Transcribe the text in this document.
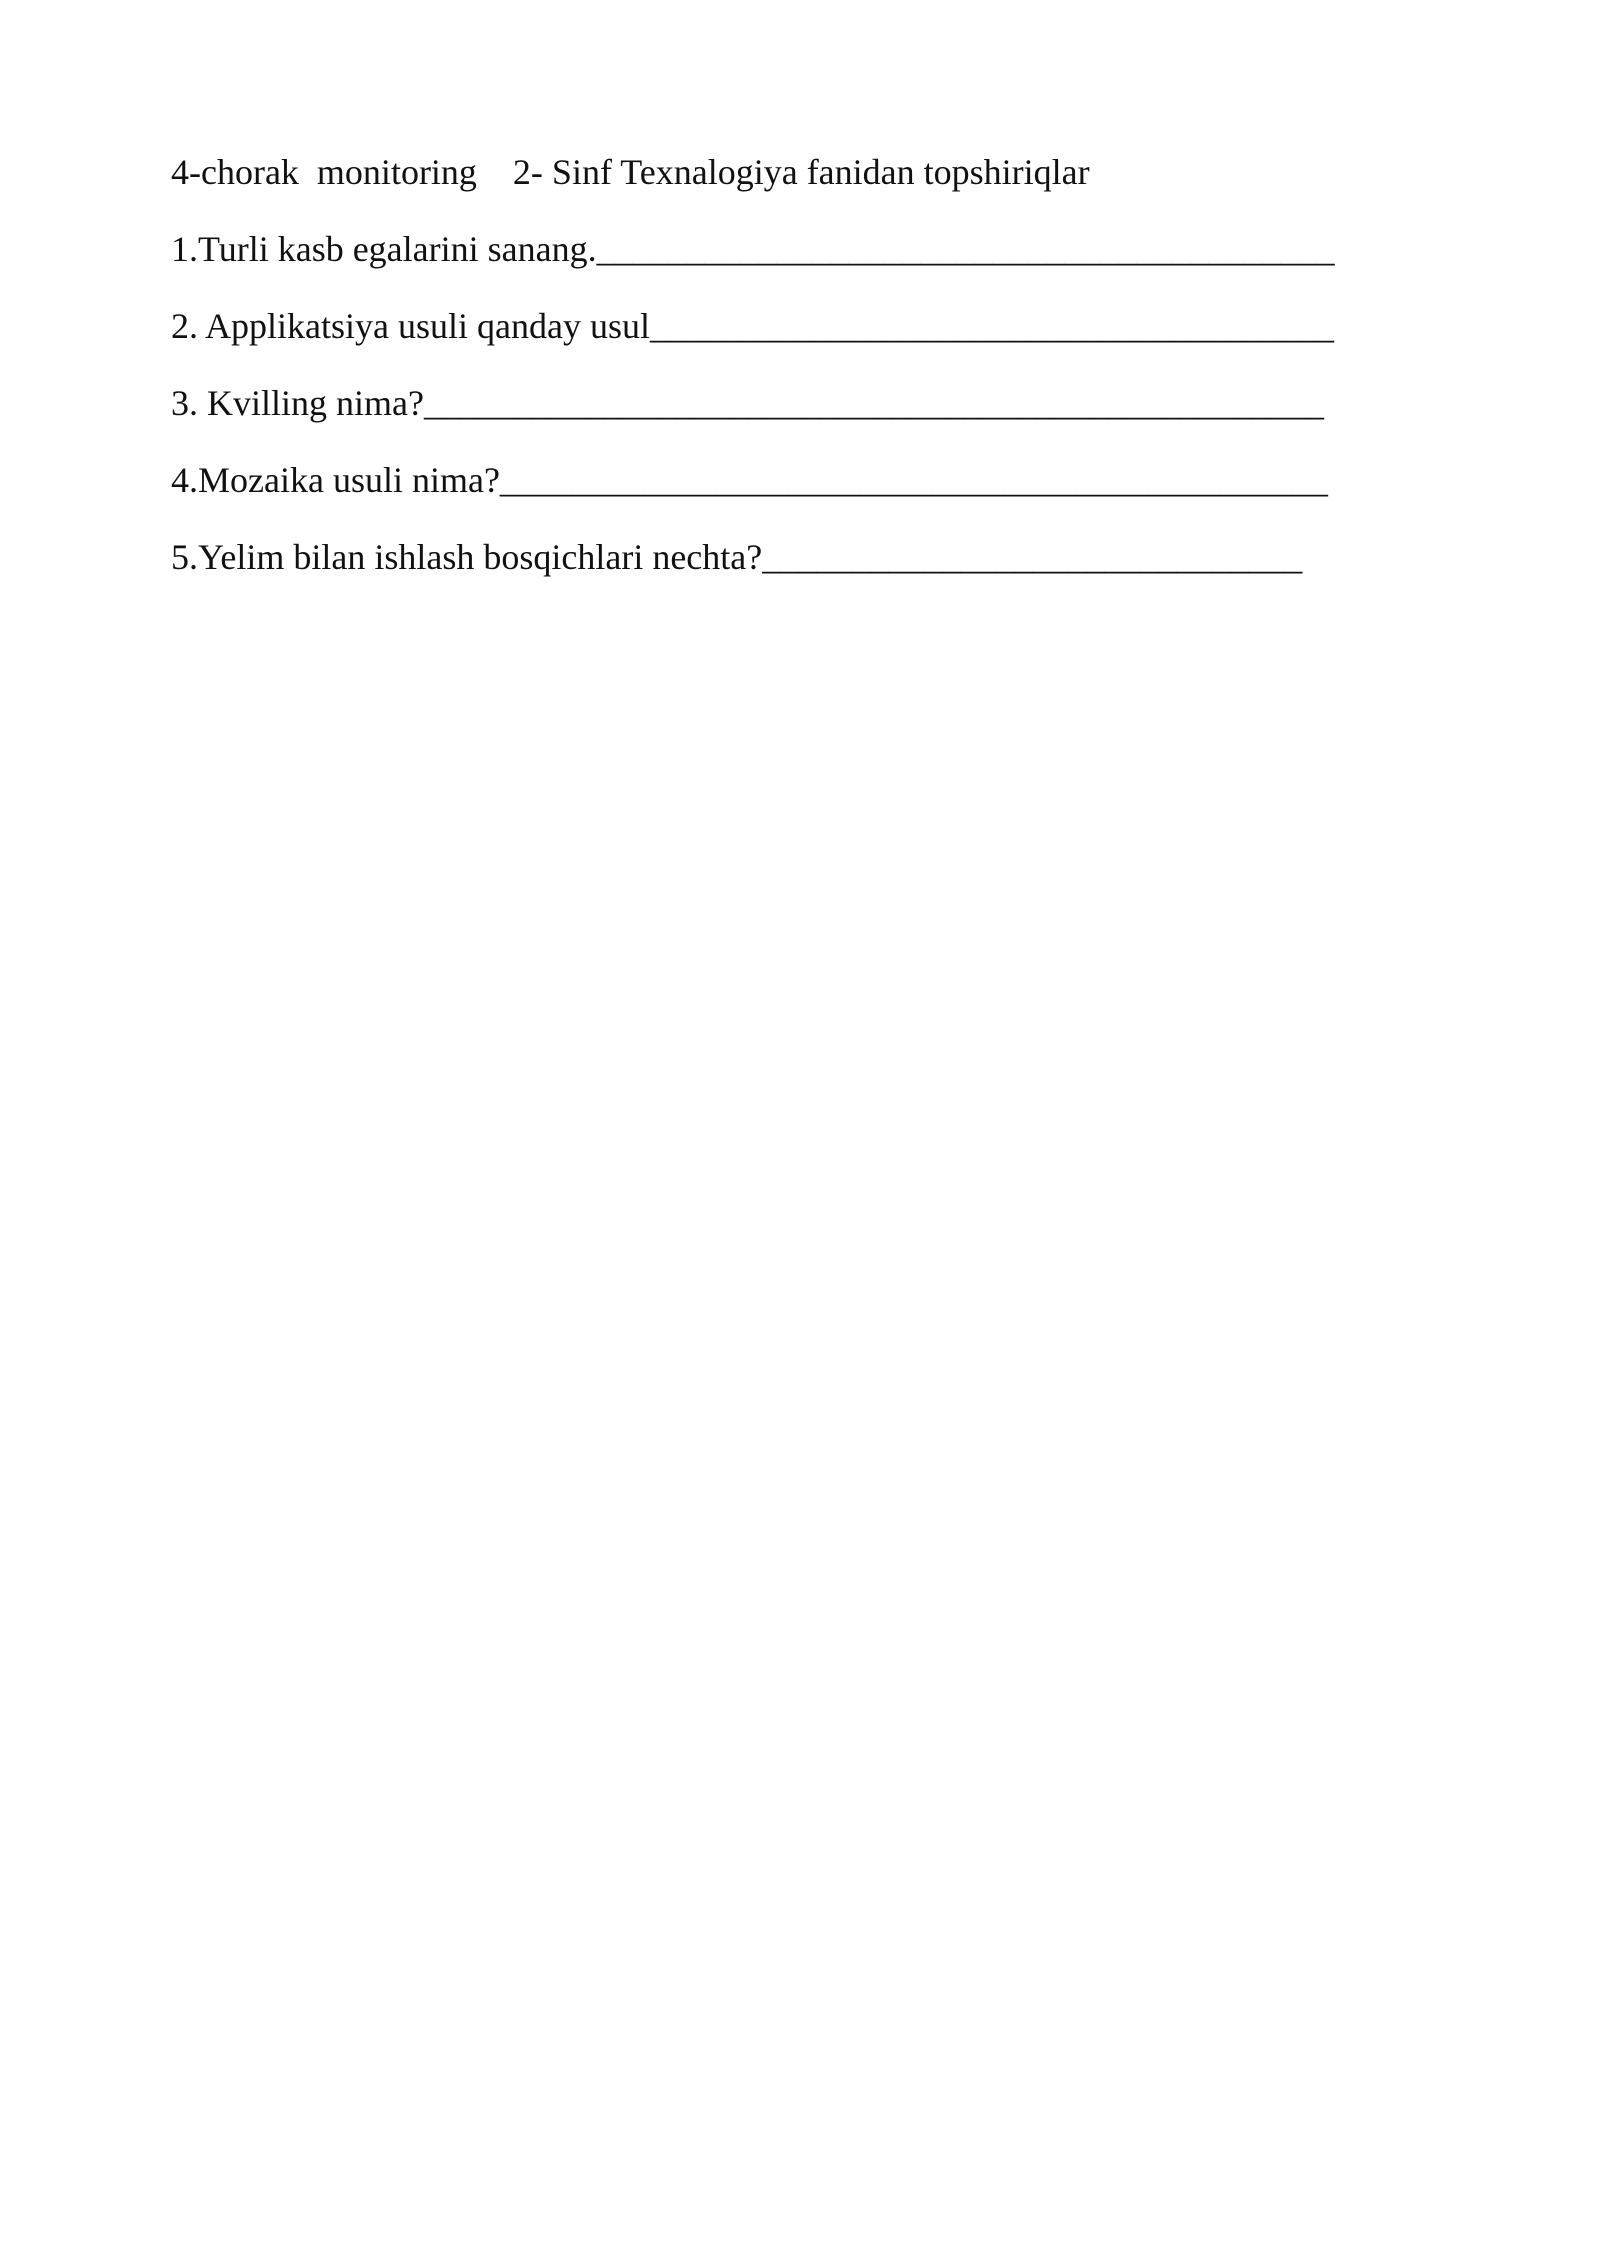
4-chorak  monitoring    2- Sinf Texnalogiya fanidan topshiriqlar
1.Turli kasb egalarini sanang._________________________________________
2. Applikatsiya usuli qanday usul______________________________________
3. Kvilling nima?__________________________________________________
4.Mozaika usuli nima?______________________________________________
5.Yelim bilan ishlash bosqichlari nechta?______________________________
